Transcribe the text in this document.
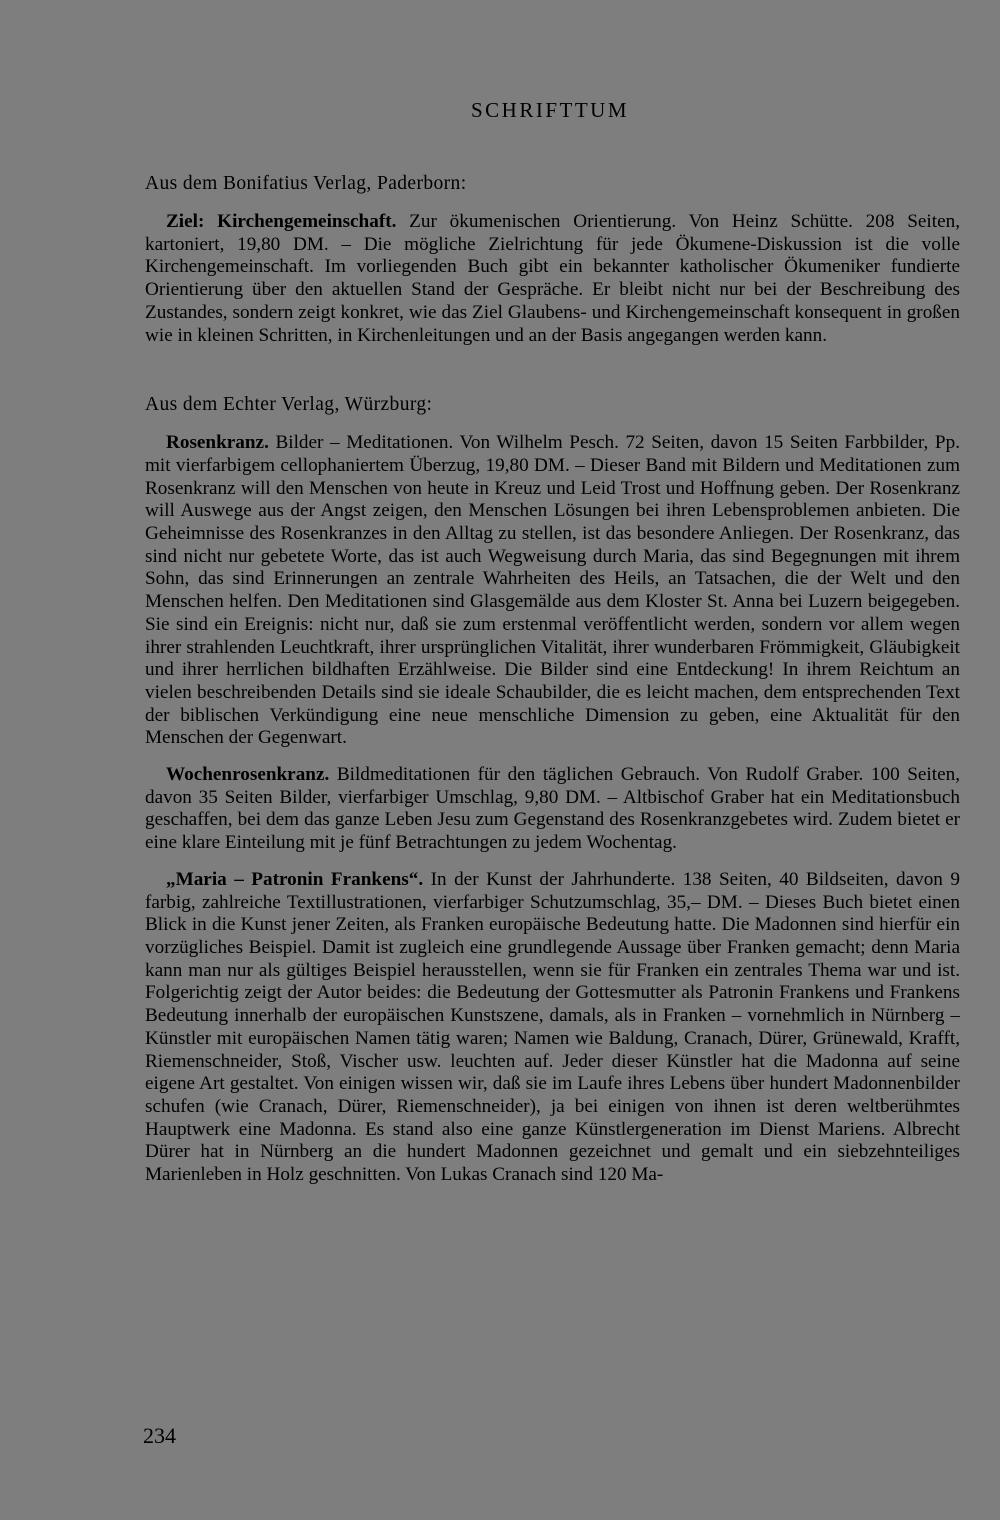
SCHRIFTTUM

Aus dem Bonifatius Verlag, Paderborn:

Ziel: Kirchengemeinschaft. Zur ökumenischen Orientierung. Von Heinz Schütte. 208 Seiten, kartoniert, 19,80 DM. – Die mögliche Zielrichtung für jede Ökumene-Diskussion ist die volle Kirchengemeinschaft. Im vorliegenden Buch gibt ein bekannter katholischer Ökumeniker fundierte Orientierung über den aktuellen Stand der Gespräche. Er bleibt nicht nur bei der Beschreibung des Zustandes, sondern zeigt konkret, wie das Ziel Glaubens- und Kirchengemeinschaft konsequent in großen wie in kleinen Schritten, in Kirchenleitungen und an der Basis angegangen werden kann.

Aus dem Echter Verlag, Würzburg:

Rosenkranz. Bilder – Meditationen. Von Wilhelm Pesch. 72 Seiten, davon 15 Seiten Farbbilder, Pp. mit vierfarbigem cellophaniertem Überzug, 19,80 DM. – Dieser Band mit Bildern und Meditationen zum Rosenkranz will den Menschen von heute in Kreuz und Leid Trost und Hoffnung geben. Der Rosenkranz will Auswege aus der Angst zeigen, den Menschen Lösungen bei ihren Lebensproblemen anbieten. Die Geheimnisse des Rosenkranzes in den Alltag zu stellen, ist das besondere Anliegen. Der Rosenkranz, das sind nicht nur gebetete Worte, das ist auch Wegweisung durch Maria, das sind Begegnungen mit ihrem Sohn, das sind Erinnerungen an zentrale Wahrheiten des Heils, an Tatsachen, die der Welt und den Menschen helfen. Den Meditationen sind Glasgemälde aus dem Kloster St. Anna bei Luzern beigegeben. Sie sind ein Ereignis: nicht nur, daß sie zum erstenmal veröffentlicht werden, sondern vor allem wegen ihrer strahlenden Leuchtkraft, ihrer ursprünglichen Vitalität, ihrer wunderbaren Frömmigkeit, Gläubigkeit und ihrer herrlichen bildhaften Erzählweise. Die Bilder sind eine Entdeckung! In ihrem Reichtum an vielen beschreibenden Details sind sie ideale Schaubilder, die es leicht machen, dem entsprechenden Text der biblischen Verkündigung eine neue menschliche Dimension zu geben, eine Aktualität für den Menschen der Gegenwart.

Wochenrosenkranz. Bildmeditationen für den täglichen Gebrauch. Von Rudolf Graber. 100 Seiten, davon 35 Seiten Bilder, vierfarbiger Umschlag, 9,80 DM. – Altbischof Graber hat ein Meditationsbuch geschaffen, bei dem das ganze Leben Jesu zum Gegenstand des Rosenkranzgebetes wird. Zudem bietet er eine klare Einteilung mit je fünf Betrachtungen zu jedem Wochentag.

„Maria – Patronin Frankens“. In der Kunst der Jahrhunderte. 138 Seiten, 40 Bildseiten, davon 9 farbig, zahlreiche Textillustrationen, vierfarbiger Schutzumschlag, 35,– DM. – Dieses Buch bietet einen Blick in die Kunst jener Zeiten, als Franken europäische Bedeutung hatte. Die Madonnen sind hierfür ein vorzügliches Beispiel. Damit ist zugleich eine grundlegende Aussage über Franken gemacht; denn Maria kann man nur als gültiges Beispiel herausstellen, wenn sie für Franken ein zentrales Thema war und ist. Folgerichtig zeigt der Autor beides: die Bedeutung der Gottesmutter als Patronin Frankens und Frankens Bedeutung innerhalb der europäischen Kunstszene, damals, als in Franken – vornehmlich in Nürnberg – Künstler mit europäischen Namen tätig waren; Namen wie Baldung, Cranach, Dürer, Grünewald, Krafft, Riemenschneider, Stoß, Vischer usw. leuchten auf. Jeder dieser Künstler hat die Madonna auf seine eigene Art gestaltet. Von einigen wissen wir, daß sie im Laufe ihres Lebens über hundert Madonnenbilder schufen (wie Cranach, Dürer, Riemenschneider), ja bei einigen von ihnen ist deren weltberühmtes Hauptwerk eine Madonna. Es stand also eine ganze Künstlergeneration im Dienst Mariens. Albrecht Dürer hat in Nürnberg an die hundert Madonnen gezeichnet und gemalt und ein siebzehnteiliges Marienleben in Holz geschnitten. Von Lukas Cranach sind 120 Ma-

234
